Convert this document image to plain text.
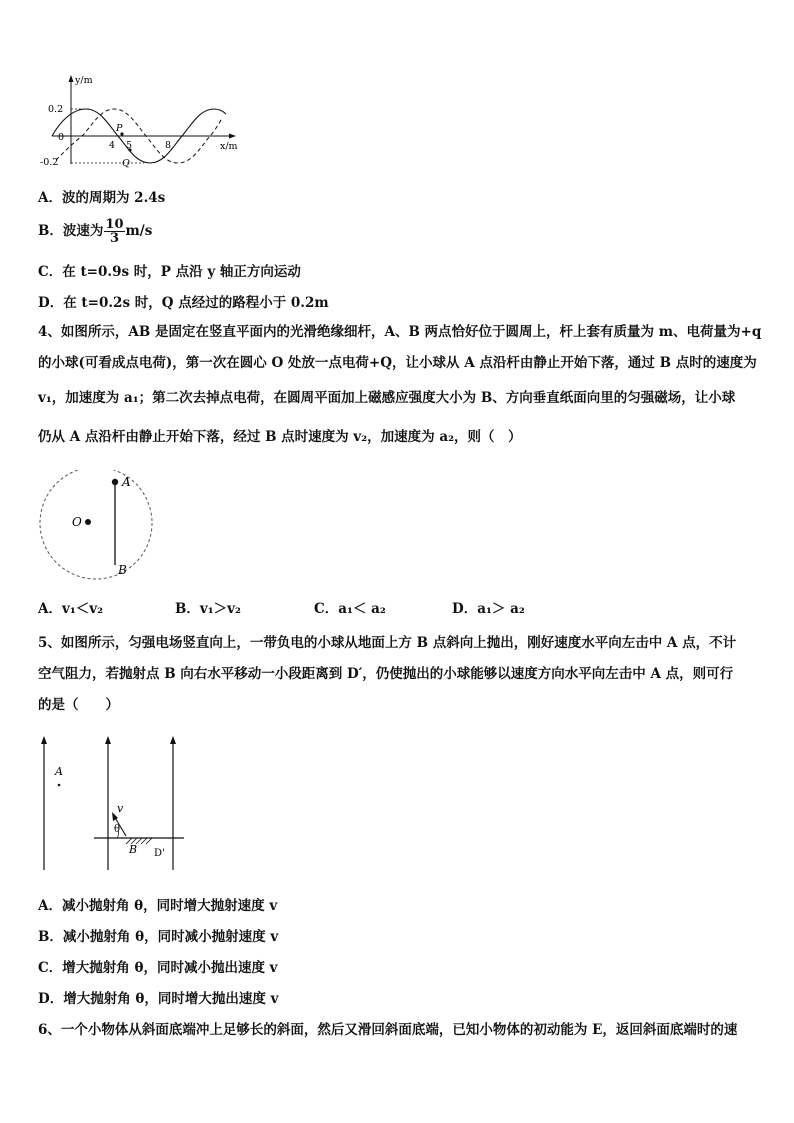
y/m
x/m
0.2
0
-0.2
4 5	8
P
Q
A．波的周期为 2.4s
B．波速为 $\frac{10}{3} m/s$
C．在 t=0.9s 时，P 点沿 y 轴正方向运动
D．在 t=0.2s 时，Q 点经过的路程小于 0.2m
4、如图所示，AB 是固定在竖直平面内的光滑绝缘细杆，A、B 两点恰好位于圆周上，杆上套有质量为 m、电荷量为+q
的小球(可看成点电荷)，第一次在圆心 O 处放一点电荷+Q，让小球从 A 点沿杆由静止开始下落，通过 B 点时的速度为
v₁，加速度为 a₁；第二次去掉点电荷，在圆周平面加上磁感应强度大小为 B、方向垂直纸面向里的匀强磁场，让小球
仍从 A 点沿杆由静止开始下落，经过 B 点时速度为 v₂，加速度为 a₂，则（　）
A
B
O
A．v₁＜v₂	B．v₁＞v₂	C．a₁＜ a₂	D．a₁＞ a₂
5、如图所示，匀强电场竖直向上，一带负电的小球从地面上方 B 点斜向上抛出，刚好速度水平向左击中 A 点，不计
空气阻力，若抛射点 B 向右水平移动一小段距离到 D′，仍使抛出的小球能够以速度方向水平向左击中 A 点，则可行
的是（　　）
A
v
θ
B D'
A．减小抛射角 θ，同时增大抛射速度 v
B．减小抛射角 θ，同时减小抛射速度 v
C．增大抛射角 θ，同时减小抛出速度 v
D．增大抛射角 θ，同时增大抛出速度 v
6、一个小物体从斜面底端冲上足够长的斜面，然后又滑回斜面底端，已知小物体的初动能为 E，返回斜面底端时的速
